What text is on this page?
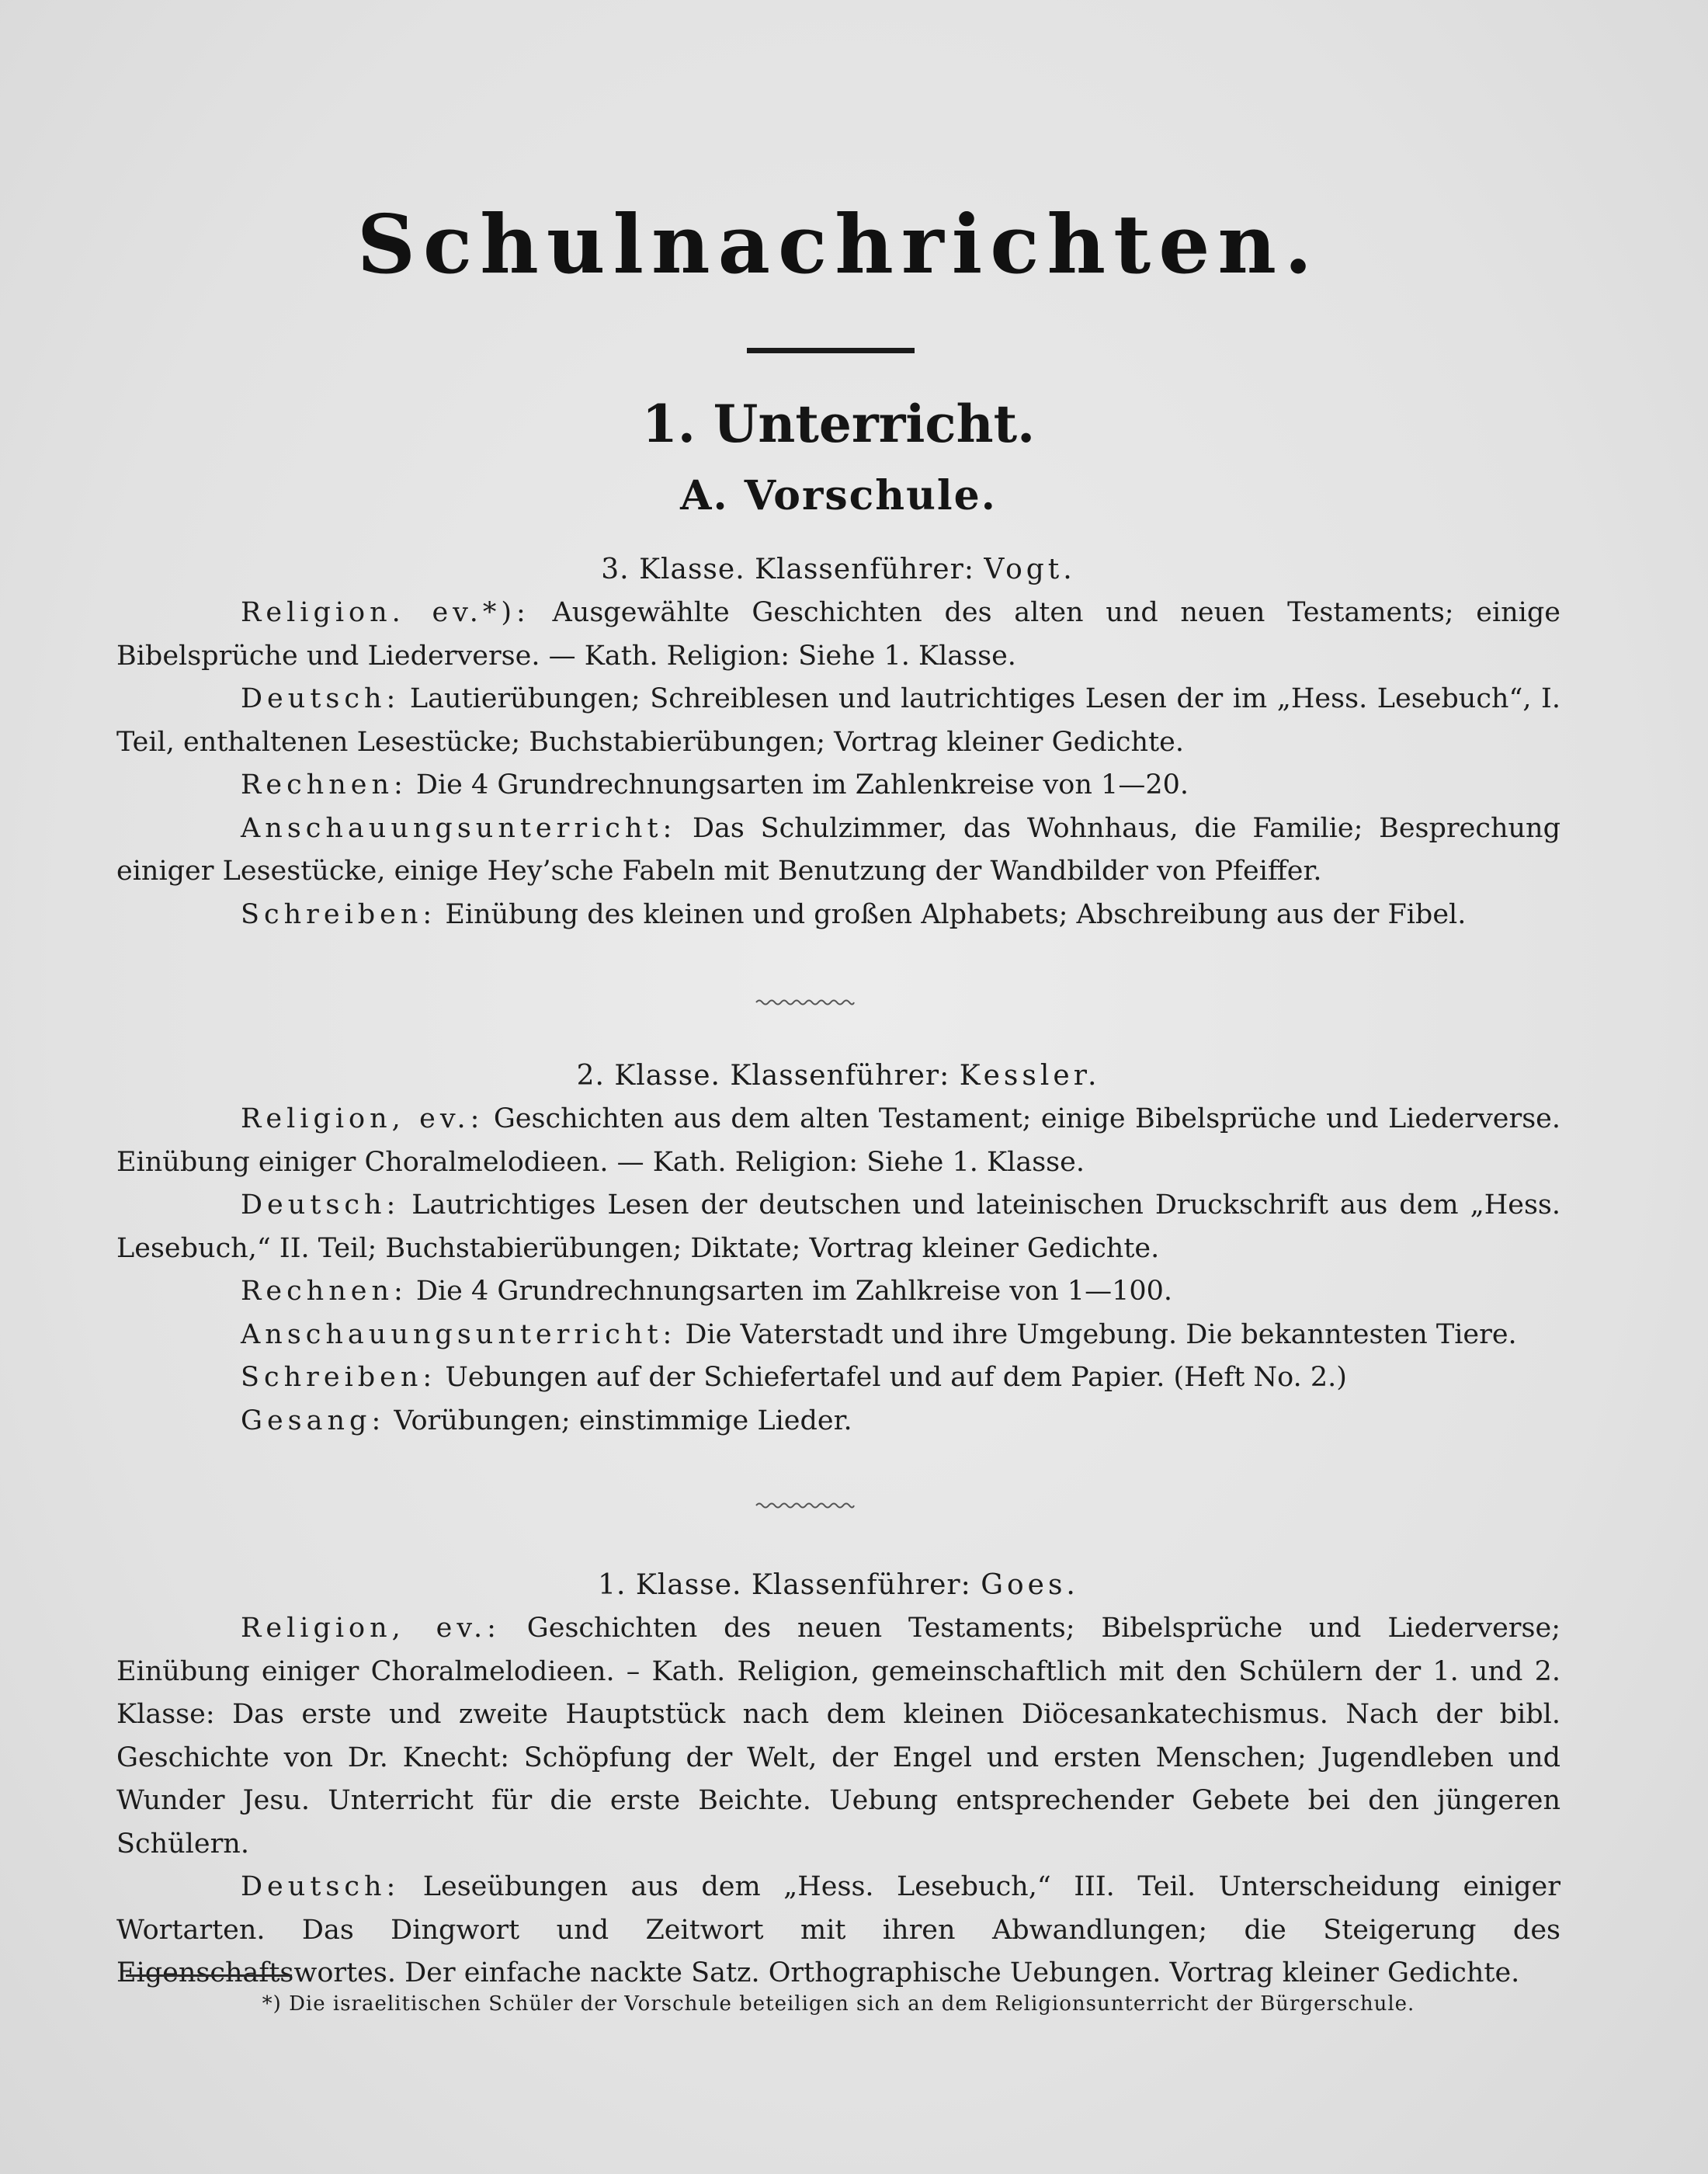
Schulnachrichten.
1. Unterricht.
A. Vorschule.

3. Klasse. Klassenführer: Vogt.

Religion. ev.*): Ausgewählte Geschichten des alten und neuen Testaments; einige Bibelsprüche und Liederverse. — Kath. Religion: Siehe 1. Klasse.

Deutsch: Lautierübungen; Schreiblesen und lautrichtiges Lesen der im „Hess. Lesebuch“, I. Teil, enthaltenen Lesestücke; Buchstabierübungen; Vortrag kleiner Gedichte.

Rechnen: Die 4 Grundrechnungsarten im Zahlenkreise von 1—20.

Anschauungsunterricht: Das Schulzimmer, das Wohnhaus, die Familie; Besprechung einiger Lesestücke, einige Hey’sche Fabeln mit Benutzung der Wandbilder von Pfeiffer.

Schreiben: Einübung des kleinen und großen Alphabets; Abschreibung aus der Fibel.

2. Klasse. Klassenführer: Kessler.

Religion, ev.: Geschichten aus dem alten Testament; einige Bibelsprüche und Liederverse. Einübung einiger Choralmelodieen. — Kath. Religion: Siehe 1. Klasse.

Deutsch: Lautrichtiges Lesen der deutschen und lateinischen Druckschrift aus dem „Hess. Lesebuch,“ II. Teil; Buchstabierübungen; Diktate; Vortrag kleiner Gedichte.

Rechnen: Die 4 Grundrechnungsarten im Zahlkreise von 1—100.

Anschauungsunterricht: Die Vaterstadt und ihre Umgebung. Die bekanntesten Tiere.

Schreiben: Uebungen auf der Schiefertafel und auf dem Papier. (Heft No. 2.)

Gesang: Vorübungen; einstimmige Lieder.

1. Klasse. Klassenführer: Goes.

Religion, ev.: Geschichten des neuen Testaments; Bibelsprüche und Liederverse; Einübung einiger Choralmelodieen. – Kath. Religion, gemeinschaftlich mit den Schülern der 1. und 2. Klasse: Das erste und zweite Hauptstück nach dem kleinen Diöcesankatechismus. Nach der bibl. Geschichte von Dr. Knecht: Schöpfung der Welt, der Engel und ersten Menschen; Jugendleben und Wunder Jesu. Unterricht für die erste Beichte. Uebung entsprechender Gebete bei den jüngeren Schülern.

Deutsch: Leseübungen aus dem „Hess. Lesebuch,“ III. Teil. Unterscheidung einiger Wortarten. Das Dingwort und Zeitwort mit ihren Abwandlungen; die Steigerung des Eigenschaftswortes. Der einfache nackte Satz. Orthographische Uebungen. Vortrag kleiner Gedichte.

*) Die israelitischen Schüler der Vorschule beteiligen sich an dem Religionsunterricht der Bürgerschule.
